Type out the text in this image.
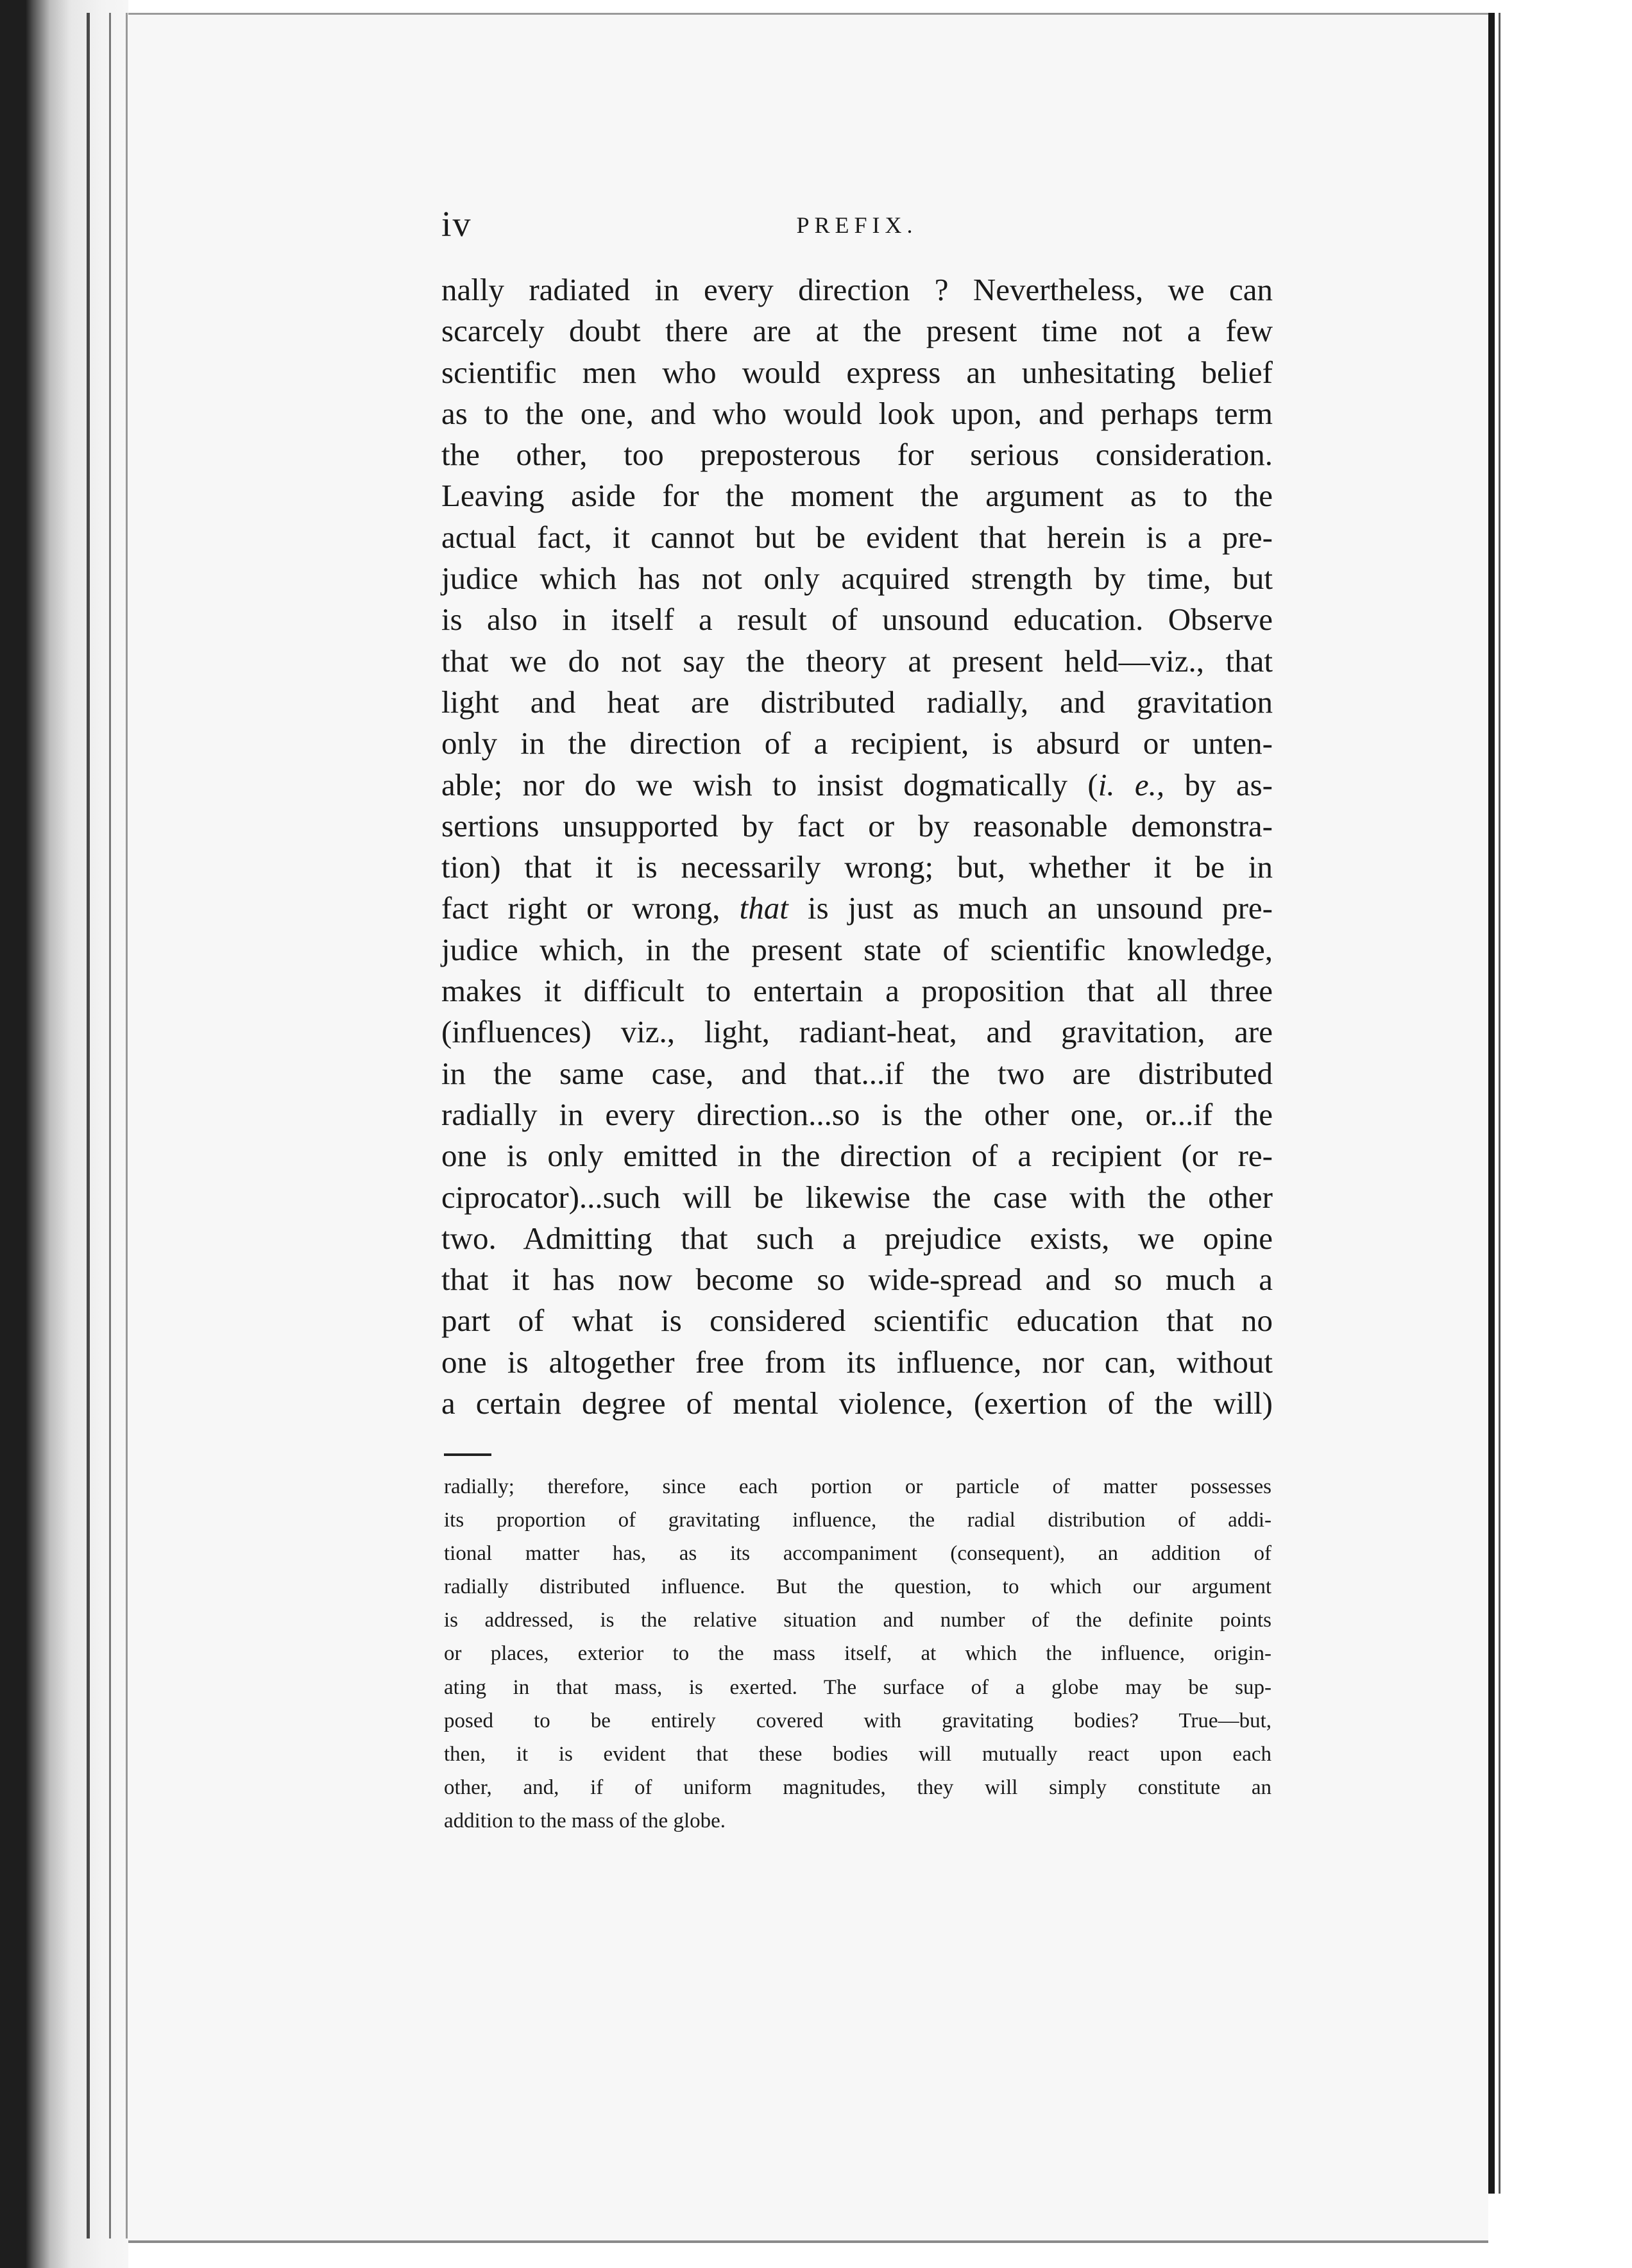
iv	PREFIX.
nally radiated in every direction ? Nevertheless, we can
scarcely doubt there are at the present time not a few
scientific men who would express an unhesitating belief
as to the one, and who would look upon, and perhaps term
the other, too preposterous for serious consideration.
Leaving aside for the moment the argument as to the
actual fact, it cannot but be evident that herein is a pre-
judice which has not only acquired strength by time, but
is also in itself a result of unsound education. Observe
that we do not say the theory at present held—viz., that
light and heat are distributed radially, and gravitation
only in the direction of a recipient, is absurd or unten-
able; nor do we wish to insist dogmatically (i. e., by as-
sertions unsupported by fact or by reasonable demonstra-
tion) that it is necessarily wrong; but, whether it be in
fact right or wrong, that is just as much an unsound pre-
judice which, in the present state of scientific knowledge,
makes it difficult to entertain a proposition that all three
(influences) viz., light, radiant-heat, and gravitation, are
in the same case, and that...if the two are distributed
radially in every direction...so is the other one, or...if the
one is only emitted in the direction of a recipient (or re-
ciprocator)...such will be likewise the case with the other
two. Admitting that such a prejudice exists, we opine
that it has now become so wide-spread and so much a
part of what is considered scientific education that no
one is altogether free from its influence, nor can, without
a certain degree of mental violence, (exertion of the will)
radially; therefore, since each portion or particle of matter possesses
its proportion of gravitating influence, the radial distribution of addi-
tional matter has, as its accompaniment (consequent), an addition of
radially distributed influence. But the question, to which our argument
is addressed, is the relative situation and number of the definite points
or places, exterior to the mass itself, at which the influence, origin-
ating in that mass, is exerted. The surface of a globe may be sup-
posed to be entirely covered with gravitating bodies? True—but,
then, it is evident that these bodies will mutually react upon each
other, and, if of uniform magnitudes, they will simply constitute an
addition to the mass of the globe.
